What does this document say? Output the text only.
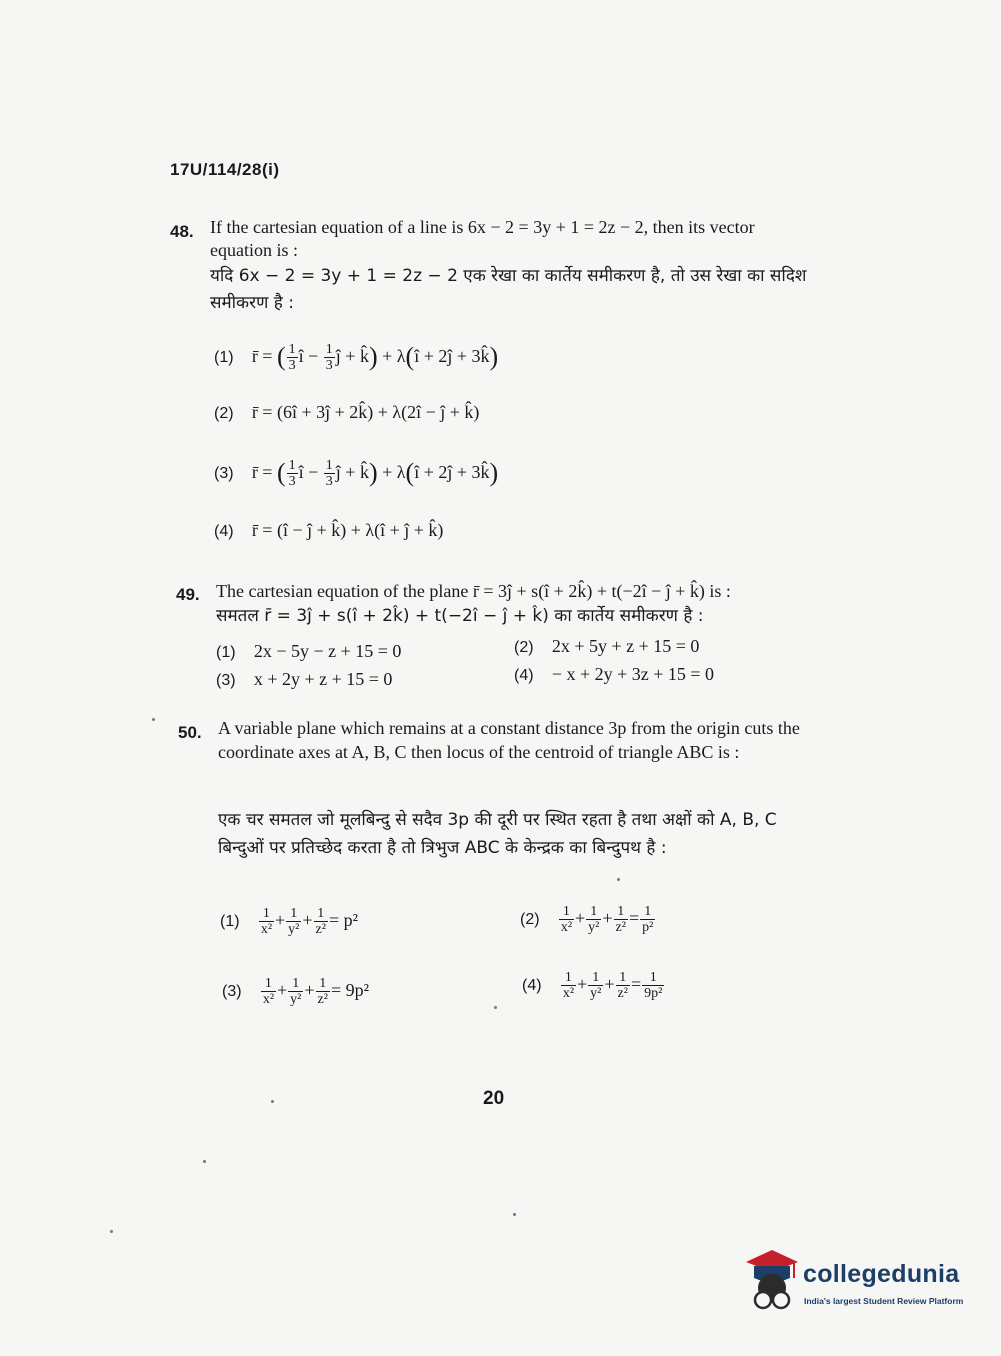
17U/114/28(i)
48. If the cartesian equation of a line is 6x − 2 = 3y + 1 = 2z − 2, then its vector equation is :
यदि 6x − 2 = 3y + 1 = 2z − 2 एक रेखा का कार्तेय समीकरण है, तो उस रेखा का सदिश समीकरण है :
(1) r̄ = ( $\frac{1}{3}$ î − $\frac{1}{3}$ ĵ + k̂) + λ(î + 2ĵ + 3k̂)
(2) r̄ = (6î + 3ĵ + 2k̂) + λ(2î − ĵ + k̂)
(3) r̄ = ( $\frac{1}{3}$ î − $\frac{1}{3}$ ĵ + k̂) + λ(î + 2ĵ + 3k̂)
(4) r̄ = (î − ĵ + k̂) + λ(î + ĵ + k̂)
49. The cartesian equation of the plane r̄ = 3ĵ + s(î + 2k̂) + t(−2î − ĵ + k̂) is :
समतल r̄ = 3ĵ + s(î + 2k̂) + t(−2î − ĵ + k̂) का कार्तेय समीकरण है :
(1) 2x − 5y − z + 15 = 0	(2) 2x + 5y + z + 15 = 0
(3) x + 2y + z + 15 = 0	(4) − x + 2y + 3z + 15 = 0
50. A variable plane which remains at a constant distance 3p from the origin cuts the coordinate axes at A, B, C then locus of the centroid of triangle ABC is :
एक चर समतल जो मूलबिन्दु से सदैव 3p की दूरी पर स्थित रहता है तथा अक्षों को A, B, C बिन्दुओं पर प्रतिच्छेद करता है तो त्रिभुज ABC के केन्द्रक का बिन्दुपथ है :
$(1) \frac{1}{\text{x²}} + \frac{1}{\text{y²}} + \frac{1}{\text{z²}} = p^2$	$(2) \frac{1}{\text{x²}} + \frac{1}{\text{y²}} + \frac{1}{\text{z²}} = \frac{1}{\text{p²}}$
$(3) \frac{1}{\text{x²}} + \frac{1}{\text{y²}} + \frac{1}{\text{z²}} = 9p^2$	$(4) \frac{1}{\text{x²}} + \frac{1}{\text{y²}} + \frac{1}{\text{z²}} = \frac{1}{\text{9p²}}$
20
collegedunia
India's largest Student Review Platform
